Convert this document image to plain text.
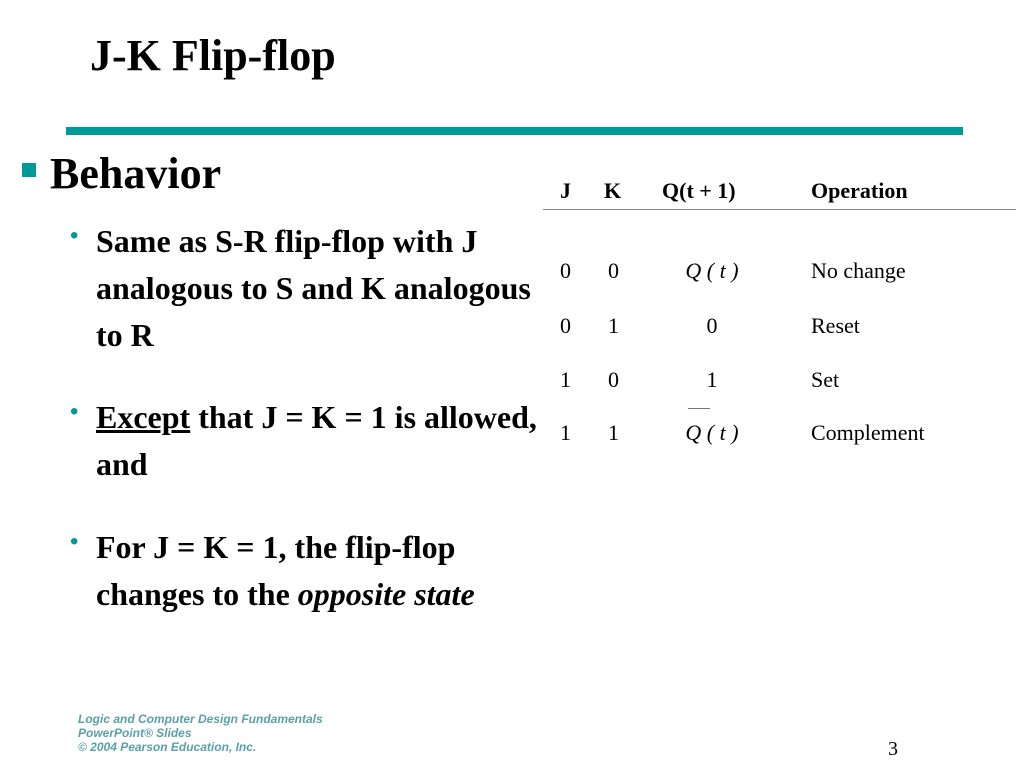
J-K Flip-flop
Behavior
• Same as S-R flip-flop with J analogous to S and K analogous to R
• Except that J = K = 1 is allowed, and
• For J = K = 1, the flip-flop changes to the opposite state
J K Q(t + 1)	Operation
0 0	Q ( t )	No change
0 1	0	Reset
1 0	1	Set
1 1	Q ( t )	Complement
Logic and Computer Design Fundamentals
PowerPoint® Slides
© 2004 Pearson Education, Inc.	3
